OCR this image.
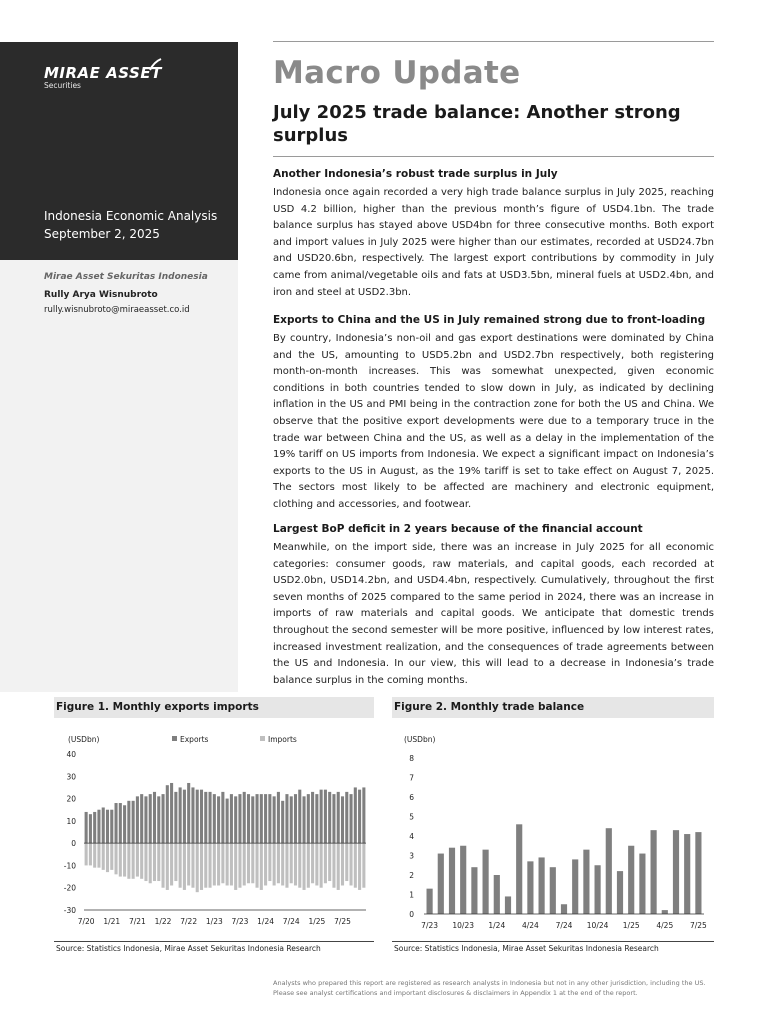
MIRAE ASSET
Securities
Indonesia Economic Analysis
September 2, 2025
Mirae Asset Sekuritas Indonesia
Rully Arya Wisnubroto
rully.wisnubroto@miraeasset.co.id
Macro Update
July 2025 trade balance: Another strong surplus
Another Indonesia’s robust trade surplus in July
Indonesia once again recorded a very high trade balance surplus in July 2025, reaching USD 4.2 billion, higher than the previous month’s figure of USD4.1bn. The trade balance surplus has stayed above USD4bn for three consecutive months. Both export and import values in July 2025 were higher than our estimates, recorded at USD24.7bn and USD20.6bn, respectively. The largest export contributions by commodity in July came from animal/vegetable oils and fats at USD3.5bn, mineral fuels at USD2.4bn, and iron and steel at USD2.3bn.
Exports to China and the US in July remained strong due to front-loading
By country, Indonesia’s non-oil and gas export destinations were dominated by China and the US, amounting to USD5.2bn and USD2.7bn respectively, both registering month-on-month increases. This was somewhat unexpected, given economic conditions in both countries tended to slow down in July, as indicated by declining inflation in the US and PMI being in the contraction zone for both the US and China. We observe that the positive export developments were due to a temporary truce in the trade war between China and the US, as well as a delay in the implementation of the 19% tariff on US imports from Indonesia. We expect a significant impact on Indonesia’s exports to the US in August, as the 19% tariff is set to take effect on August 7, 2025. The sectors most likely to be affected are machinery and electronic equipment, clothing and accessories, and footwear.
Largest BoP deficit in 2 years because of the financial account
Meanwhile, on the import side, there was an increase in July 2025 for all economic categories: consumer goods, raw materials, and capital goods, each recorded at USD2.0bn, USD14.2bn, and USD4.4bn, respectively. Cumulatively, throughout the first seven months of 2025 compared to the same period in 2024, there was an increase in imports of raw materials and capital goods. We anticipate that domestic trends throughout the second semester will be more positive, influenced by low interest rates, increased investment realization, and the consequences of trade agreements between the US and Indonesia. In our view, this will lead to a decrease in Indonesia’s trade balance surplus in the coming months.
Figure 1. Monthly exports imports
(USDbn)	Exports	Imports
40
30
20
10
0
-10
-20
-30
7/20 1/21 7/21 1/22 7/22 1/23 7/23 1/24 7/24 1/25 7/25
Source: Statistics Indonesia, Mirae Asset Sekuritas Indonesia Research
Figure 2. Monthly trade balance
(USDbn)
8
7
6
5
4
3
2
1
0
7/23 10/23 1/24 4/24 7/24 10/24 1/25 4/25 7/25
Source: Statistics Indonesia, Mirae Asset Sekuritas Indonesia Research
Analysts who prepared this report are registered as research analysts in Indonesia but not in any other jurisdiction, including the US. Please see analyst certifications and important disclosures & disclaimers in Appendix 1 at the end of the report.
